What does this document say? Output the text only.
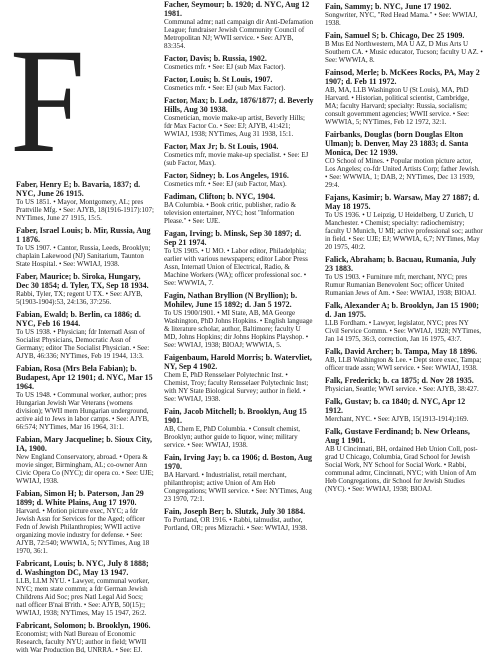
F
Faber, Henry E; b. Bavaria, 1837; d. NYC, June 26 1915.
To US 1851. • Mayor, Montgomery, AL; pres Prattville Mfg. • See: AJYB, 18(1916-1917):107; NYTimes, June 27 1915, 15:5.
Faber, Israel Louis; b. Mir, Russia, Aug 1 1876.
To US 1907. • Cantor, Russia, Leeds, Brooklyn; chaplain Lakewood (NJ) Sanitarium, Taunton State Hospital. • See: WWIAJ, 1938.
Faber, Maurice; b. Siroka, Hungary, Dec 30 1854; d. Tyler, TX, Sep 18 1934.
Rabbi, Tyler, TX; regent U TX. • See: AJYB, 5(1903-1904):53, 24:136, 37:256.
Fabian, Ewald; b. Berlin, ca 1886; d. NYC, Feb 16 1944.
To US 1938. • Physician; fdr Internatl Assn of Socialist Physicians, Democratic Assn of Germany; editor The Socialist Physician. • See: AJYB, 46:336; NYTimes, Feb 19 1944, 13:3.
Fabian, Rosa (Mrs Bela Fabian); b. Budapest, Apr 12 1901; d. NYC, Mar 15 1964.
To US 1948. • Communal worker, author; pres Hungarian Jewish War Veterans (womens division); WWII mem Hungarian underground, active aid to Jews in labor camps. • See: AJYB, 66:574; NYTimes, Mar 16 1964, 31:1.
Fabian, Mary Jacqueline; b. Sioux City, IA, 1900.
New England Conservatory, abroad. • Opera & movie singer, Birmingham, AL; co-owner Ann Civic Opera Co (NYC); dir opera co. • See: UJE; WWIAJ, 1938.
Fabian, Simon H; b. Paterson, Jan 29 1899; d. White Plains, Aug 17 1970.
Harvard. • Motion picture exec, NYC; a fdr Jewish Assn for Services for the Aged; officer Fedn of Jewish Philanthropies; WWII active organizing movie industry for defense. • See: AJYB, 72:540; WWWIA, 5; NYTimes, Aug 18 1970, 36:1.
Fabricant, Louis; b. NYC, July 8 1888; d. Washington DC, May 13 1947.
LLB, LLM NYU. • Lawyer, communal worker, NYC; mem state commn; a fdr German Jewish Childrens Aid Soc; pres Natl Legal Aid Socs; natl officer B'nai B'rith. • See: AJYB, 50(15):; WWIAJ, 1938; NYTimes, May 15 1947, 26:2.
Fabricant, Solomon; b. Brooklyn, 1906.
Economist; with Natl Bureau of Economic Research, faculty NYU; author in field; WWII with War Production Bd, UNRRA. • See: EJ.
Facher, Seymour; b. 1920; d. NYC, Aug 12 1981.
Communal admr; natl campaign dir Anti-Defamation League; fundraiser Jewish Community Council of Metropolitan NJ; WWII service. • See: AJYB, 83:354.
Factor, Davis; b. Russia, 1902.
Cosmetics mfr. • See: EJ (sub Max Factor).
Factor, Louis; b. St Louis, 1907.
Cosmetics mfr. • See: EJ (sub Max Factor).
Factor, Max; b. Lodz, 1876/1877; d. Beverly Hills, Aug 30 1938.
Cosmetician, movie make-up artist, Beverly Hills; fdr Max Factor Co. • See: EJ; AJYB, 41:421; WWIAJ, 1938; NYTimes, Aug 31 1938, 15:1.
Factor, Max Jr; b. St Louis, 1904.
Cosmetics mfr, movie make-up specialist. • See: EJ (sub Factor, Max).
Factor, Sidney; b. Los Angeles, 1916.
Cosmetics mfr. • See: EJ (sub Factor, Max).
Fadiman, Clifton; b. NYC, 1904.
BA Columbia. • Book critic, publisher, radio & television entertainer, NYC; host "Information Please." • See: UJE.
Fagan, Irving; b. Minsk, Sep 30 1897; d. Sep 21 1974.
To US 1905. • U MO. • Labor editor, Philadelphia; earlier with various newspapers; editor Labor Press Assn, Internatl Union of Electrical, Radio, & Machine Workers (WA); officer professional soc. • See: WWWIA, 7.
Fagin, Nathan Bryllion (N Bryllion); b. Mohilev, June 15 1892; d. Jan 5 1972.
To US 1900/1901. • MI State, AB, MA George Washington, PhD Johns Hopkins. • English language & literature scholar, author, Baltimore; faculty U MD, Johns Hopkins; dir Johns Hopkins Playshop. • See: WWIAJ, 1938; BIOAJ; WWWIA, 5.
Faigenbaum, Harold Morris; b. Watervliet, NY, Sep 4 1902.
Chem E, PhD Rensselaer Polytechnic Inst. • Chemist, Troy; faculty Rensselaer Polytechnic Inst; with NY State Biological Survey; author in field. • See: WWIAJ, 1938.
Fain, Jacob Mitchell; b. Brooklyn, Aug 15 1901.
AB, Chem E, PhD Columbia. • Consult chemist, Brooklyn; author guide to liquor, wine; military service. • See: WWIAJ, 1938.
Fain, Irving Jay; b. ca 1906; d. Boston, Aug 1970.
BA Harvard. • Industrialist, retail merchant, philanthropist; active Union of Am Heb Congregations; WWII service. • See: NYTimes, Aug 23 1970, 72:1.
Fain, Joseph Ber; b. Slutzk, July 30 1884.
To Portland, OR 1916. • Rabbi, talmudist, author, Portland, OR; pres Mizrachi. • See: WWIAJ, 1938.
Fain, Sammy; b. NYC, June 17 1902.
Songwriter, NYC, "Red Head Mama." • See: WWIAJ, 1938.
Fain, Samuel S; b. Chicago, Dec 25 1909.
B Mus Ed Northwestern, MA U AZ, D Mus Arts U Southern CA. • Music educator, Tucson; faculty U AZ. • See: WWWIA, 8.
Fainsod, Merle; b. McKees Rocks, PA, May 2 1907; d. Feb 11 1972.
AB, MA, LLB Washington U (St Louis), MA, PhD Harvard. • Historian, political scientist, Cambridge, MA; faculty Harvard; specialty: Russia, socialism; consult government agencies; WWII service. • See: WWWIA, 5; NYTimes, Feb 12 1972, 32:1.
Fairbanks, Douglas (born Douglas Elton Ulman); b. Denver, May 23 1883; d. Santa Monica, Dec 12 1939.
CO School of Mines. • Popular motion picture actor, Los Angeles; co-fdr United Artists Corp; father Jewish. • See: WWWIA, 1; DAB, 2; NYTimes, Dec 13 1939, 29:4.
Fajans, Kasimir; b. Warsaw, May 27 1887; d. May 18 1975.
To US 1936. • U Leipzig, U Heidelberg, U Zurich, U Manchester. • Chemist; specialty: radiochemistry; faculty U Munich, U MI; active professional soc; author in field. • See: UJE; EJ; WWWIA, 6,7; NYTimes, May 20 1975, 40:2.
Falick, Abraham; b. Bacuau, Rumania, July 23 1883.
To US 1903. • Furniture mfr, merchant, NYC; pres Rumur Rumanian Benevolent Soc; officer United Rumanian Jews of Am. • See: WWIAJ, 1938; BIOAJ.
Falk, Alexander A; b. Brooklyn, Jan 15 1900; d. Jan 1975.
LLB Fordham. • Lawyer, legislator, NYC; pres NY Civil Service Commn. • See: WWIAJ, 1928; NYTimes, Jan 14 1975, 36:3, correction, Jan 16 1975, 43:7.
Falk, David Archer; b. Tampa, May 18 1896.
AB, LLB Washington & Lee. • Dept store exec, Tampa; officer trade assn; WWI service. • See: WWIAJ, 1938.
Falk, Frederick; b. ca 1875; d. Nov 28 1935.
Physician, Seattle; WWI service. • See: AJYB, 38:427.
Falk, Gustav; b. ca 1840; d. NYC, Apr 12 1912.
Merchant, NYC. • See: AJYB, 15(1913-1914):169.
Falk, Gustave Ferdinand; b. New Orleans, Aug 1 1901.
AB U Cincinnati, BH, ordained Heb Union Coll, post-grad U Chicago, Columbia, Grad School for Jewish Social Work, NY School for Social Work. • Rabbi, communal admr, Cincinnati, NYC; with Union of Am Heb Congregations, dir School for Jewish Studies (NYC). • See: WWIAJ, 1938; BIOAJ.
